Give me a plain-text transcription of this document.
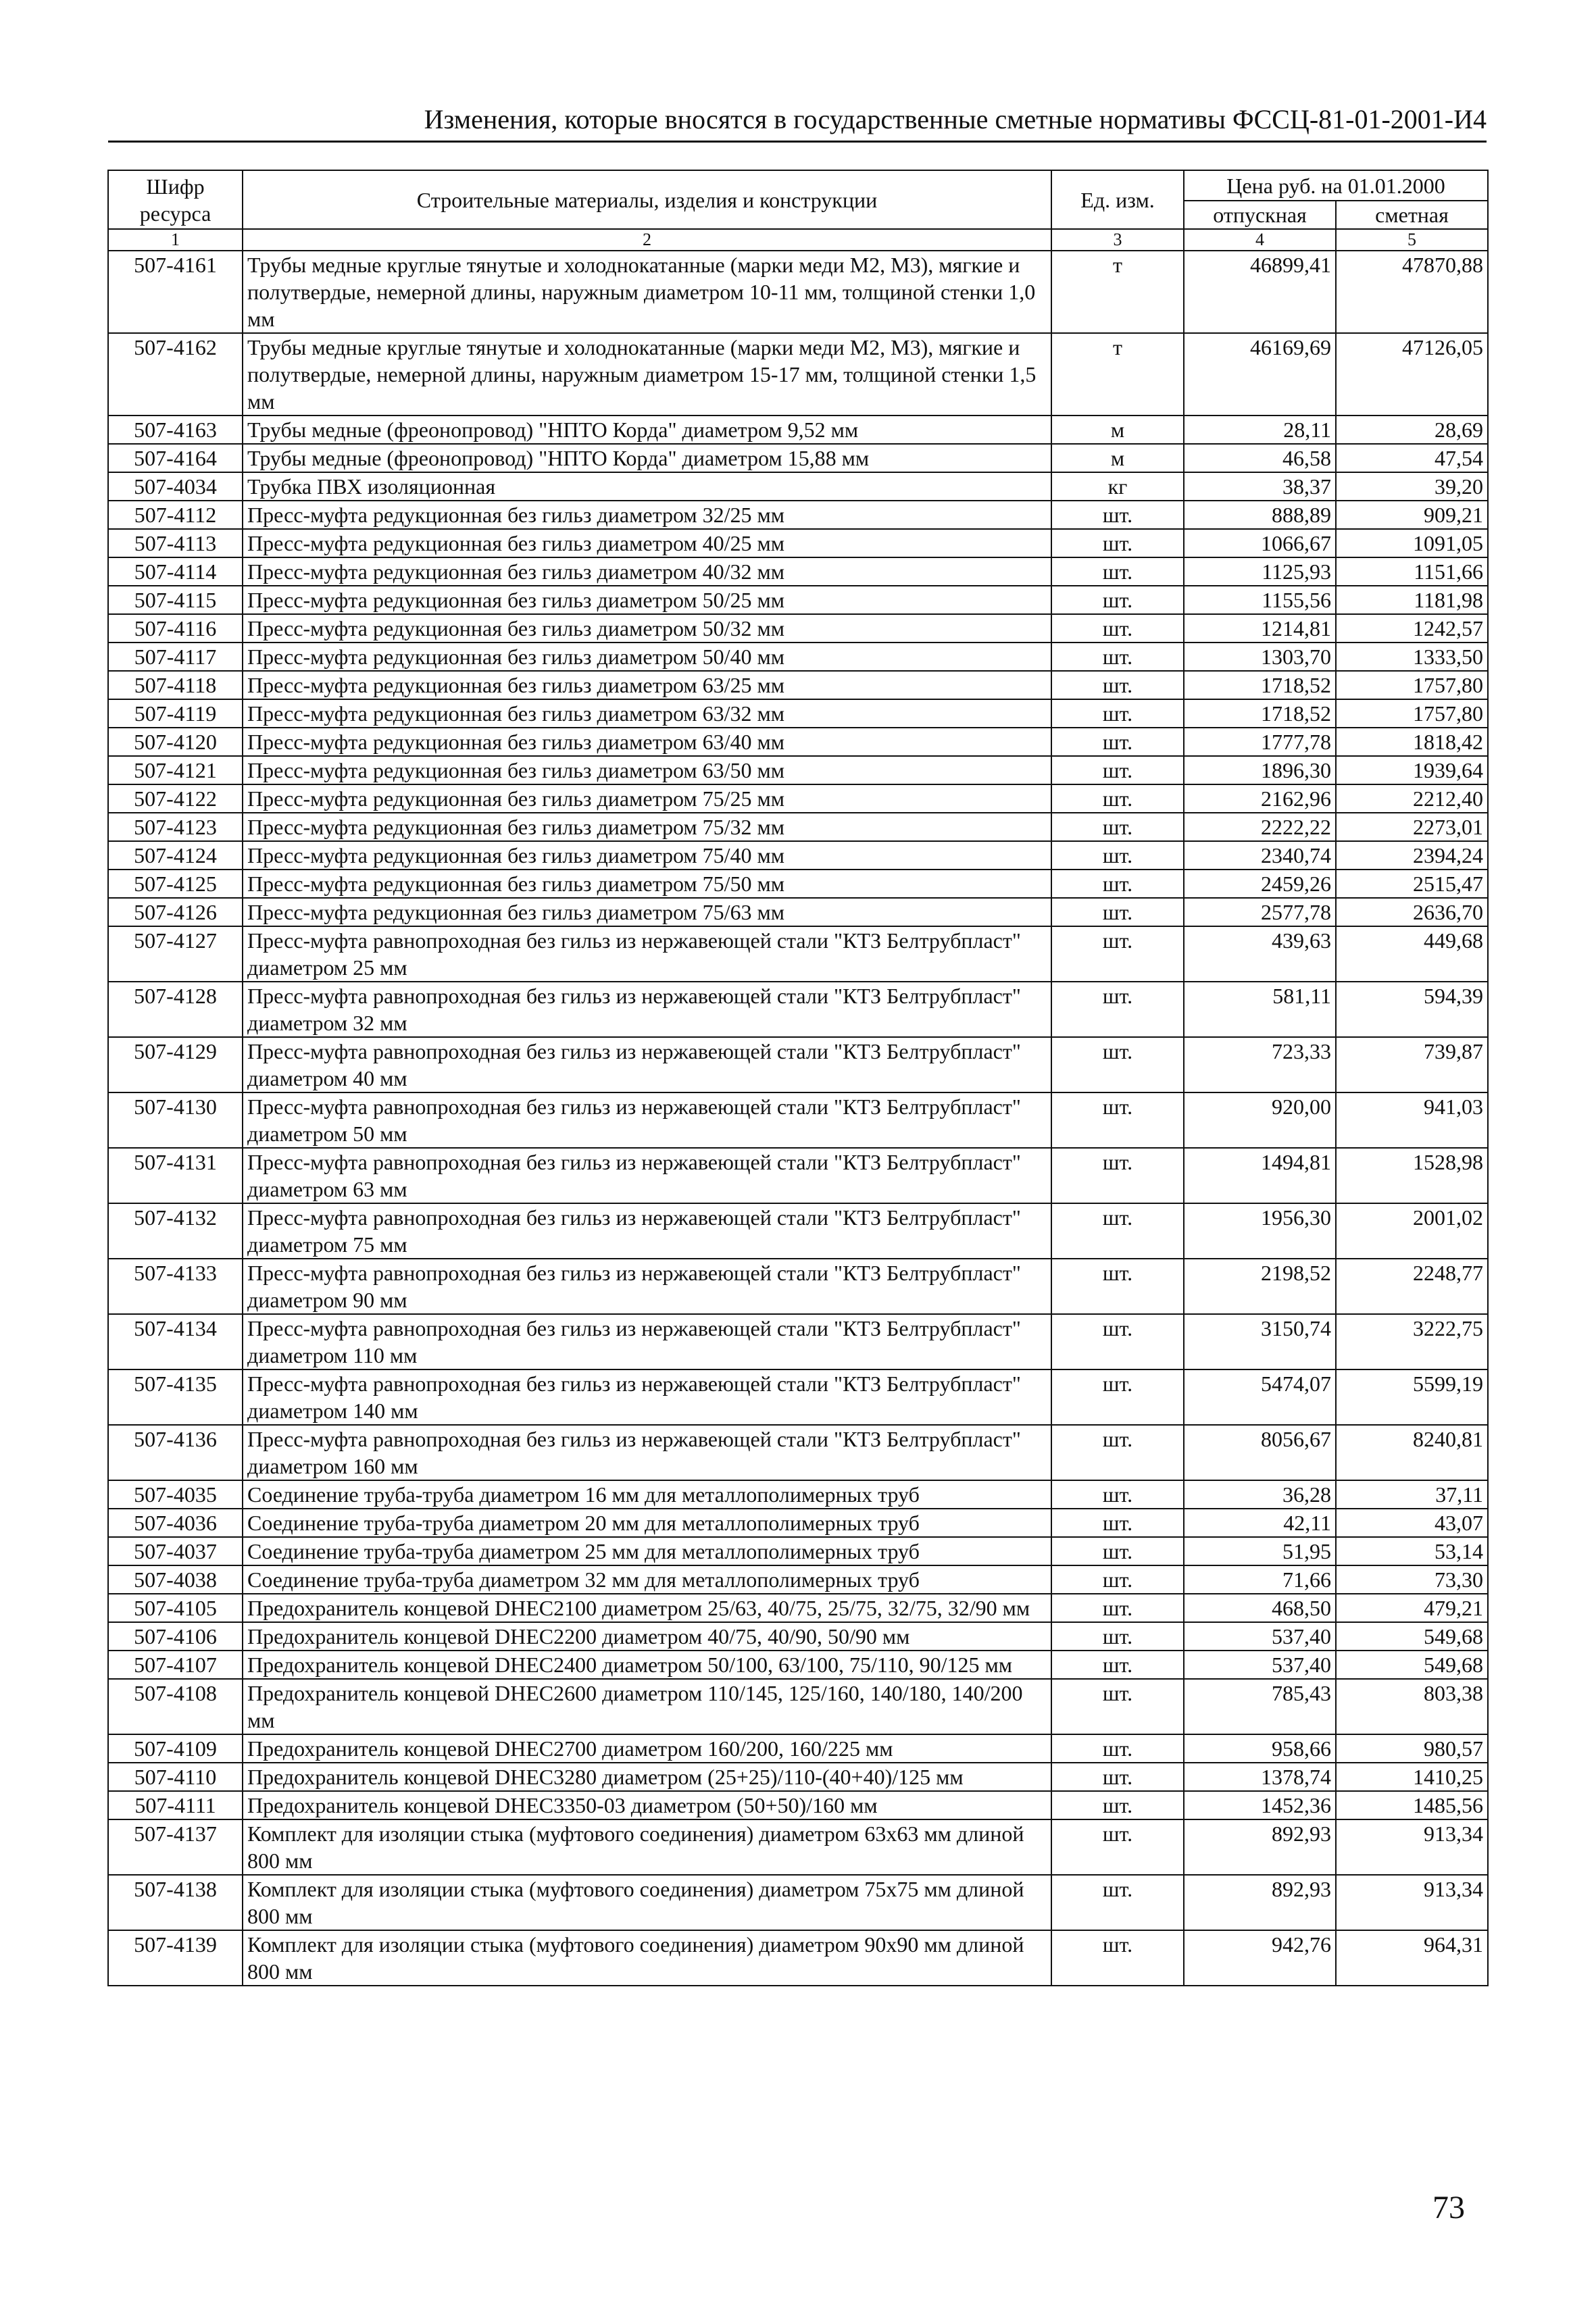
Изменения, которые вносятся в государственные сметные нормативы ФССЦ-81-01-2001-И4
Шифр ресурса	Строительные материалы, изделия и конструкции	Ед. изм.	Цена руб. на 01.01.2000	
			отпускная	сметная
1	2	3	4	5
507-4161	Трубы медные круглые тянутые и холоднокатанные (марки меди М2, М3), мягкие и полутвердые, немерной длины, наружным диаметром 10-11 мм, толщиной стенки 1,0 мм	т	46899,41	47870,88
507-4162	Трубы медные круглые тянутые и холоднокатанные (марки меди М2, М3), мягкие и полутвердые, немерной длины, наружным диаметром 15-17 мм, толщиной стенки 1,5 мм	т	46169,69	47126,05
507-4163	Трубы медные (фреонопровод) "НПТО Корда" диаметром 9,52 мм	м	28,11	28,69
507-4164	Трубы медные (фреонопровод) "НПТО Корда" диаметром 15,88 мм	м	46,58	47,54
507-4034	Трубка ПВХ изоляционная	кг	38,37	39,20
507-4112	Пресс-муфта редукционная без гильз диаметром 32/25 мм	шт.	888,89	909,21
507-4113	Пресс-муфта редукционная без гильз диаметром 40/25 мм	шт.	1066,67	1091,05
507-4114	Пресс-муфта редукционная без гильз диаметром 40/32 мм	шт.	1125,93	1151,66
507-4115	Пресс-муфта редукционная без гильз диаметром 50/25 мм	шт.	1155,56	1181,98
507-4116	Пресс-муфта редукционная без гильз диаметром 50/32 мм	шт.	1214,81	1242,57
507-4117	Пресс-муфта редукционная без гильз диаметром 50/40 мм	шт.	1303,70	1333,50
507-4118	Пресс-муфта редукционная без гильз диаметром 63/25 мм	шт.	1718,52	1757,80
507-4119	Пресс-муфта редукционная без гильз диаметром 63/32 мм	шт.	1718,52	1757,80
507-4120	Пресс-муфта редукционная без гильз диаметром 63/40 мм	шт.	1777,78	1818,42
507-4121	Пресс-муфта редукционная без гильз диаметром 63/50 мм	шт.	1896,30	1939,64
507-4122	Пресс-муфта редукционная без гильз диаметром 75/25 мм	шт.	2162,96	2212,40
507-4123	Пресс-муфта редукционная без гильз диаметром 75/32 мм	шт.	2222,22	2273,01
507-4124	Пресс-муфта редукционная без гильз диаметром 75/40 мм	шт.	2340,74	2394,24
507-4125	Пресс-муфта редукционная без гильз диаметром 75/50 мм	шт.	2459,26	2515,47
507-4126	Пресс-муфта редукционная без гильз диаметром 75/63 мм	шт.	2577,78	2636,70
507-4127	Пресс-муфта равнопроходная без гильз из нержавеющей стали "КТЗ Белтрубпласт" диаметром 25 мм	шт.	439,63	449,68
507-4128	Пресс-муфта равнопроходная без гильз из нержавеющей стали "КТЗ Белтрубпласт" диаметром 32 мм	шт.	581,11	594,39
507-4129	Пресс-муфта равнопроходная без гильз из нержавеющей стали "КТЗ Белтрубпласт" диаметром 40 мм	шт.	723,33	739,87
507-4130	Пресс-муфта равнопроходная без гильз из нержавеющей стали "КТЗ Белтрубпласт" диаметром 50 мм	шт.	920,00	941,03
507-4131	Пресс-муфта равнопроходная без гильз из нержавеющей стали "КТЗ Белтрубпласт" диаметром 63 мм	шт.	1494,81	1528,98
507-4132	Пресс-муфта равнопроходная без гильз из нержавеющей стали "КТЗ Белтрубпласт" диаметром 75 мм	шт.	1956,30	2001,02
507-4133	Пресс-муфта равнопроходная без гильз из нержавеющей стали "КТЗ Белтрубпласт" диаметром 90 мм	шт.	2198,52	2248,77
507-4134	Пресс-муфта равнопроходная без гильз из нержавеющей стали "КТЗ Белтрубпласт" диаметром 110 мм	шт.	3150,74	3222,75
507-4135	Пресс-муфта равнопроходная без гильз из нержавеющей стали "КТЗ Белтрубпласт" диаметром 140 мм	шт.	5474,07	5599,19
507-4136	Пресс-муфта равнопроходная без гильз из нержавеющей стали "КТЗ Белтрубпласт" диаметром 160 мм	шт.	8056,67	8240,81
507-4035	Соединение труба-труба диаметром 16 мм для металлополимерных труб	шт.	36,28	37,11
507-4036	Соединение труба-труба диаметром 20 мм для металлополимерных труб	шт.	42,11	43,07
507-4037	Соединение труба-труба диаметром 25 мм для металлополимерных труб	шт.	51,95	53,14
507-4038	Соединение труба-труба диаметром 32 мм для металлополимерных труб	шт.	71,66	73,30
507-4105	Предохранитель концевой DHEC2100 диаметром 25/63, 40/75, 25/75, 32/75, 32/90 мм	шт.	468,50	479,21
507-4106	Предохранитель концевой DHEC2200 диаметром 40/75, 40/90, 50/90 мм	шт.	537,40	549,68
507-4107	Предохранитель концевой DHEC2400 диаметром 50/100, 63/100, 75/110, 90/125 мм	шт.	537,40	549,68
507-4108	Предохранитель концевой DHEC2600 диаметром 110/145, 125/160, 140/180, 140/200 мм	шт.	785,43	803,38
507-4109	Предохранитель концевой DHEC2700 диаметром 160/200, 160/225 мм	шт.	958,66	980,57
507-4110	Предохранитель концевой DHEC3280 диаметром (25+25)/110-(40+40)/125 мм	шт.	1378,74	1410,25
507-4111	Предохранитель концевой DHEC3350-03 диаметром (50+50)/160 мм	шт.	1452,36	1485,56
507-4137	Комплект для изоляции стыка (муфтового соединения) диаметром 63х63 мм длиной 800 мм	шт.	892,93	913,34
507-4138	Комплект для изоляции стыка (муфтового соединения) диаметром 75х75 мм длиной 800 мм	шт.	892,93	913,34
507-4139	Комплект для изоляции стыка (муфтового соединения) диаметром 90х90 мм длиной 800 мм	шт.	942,76	964,31
73
